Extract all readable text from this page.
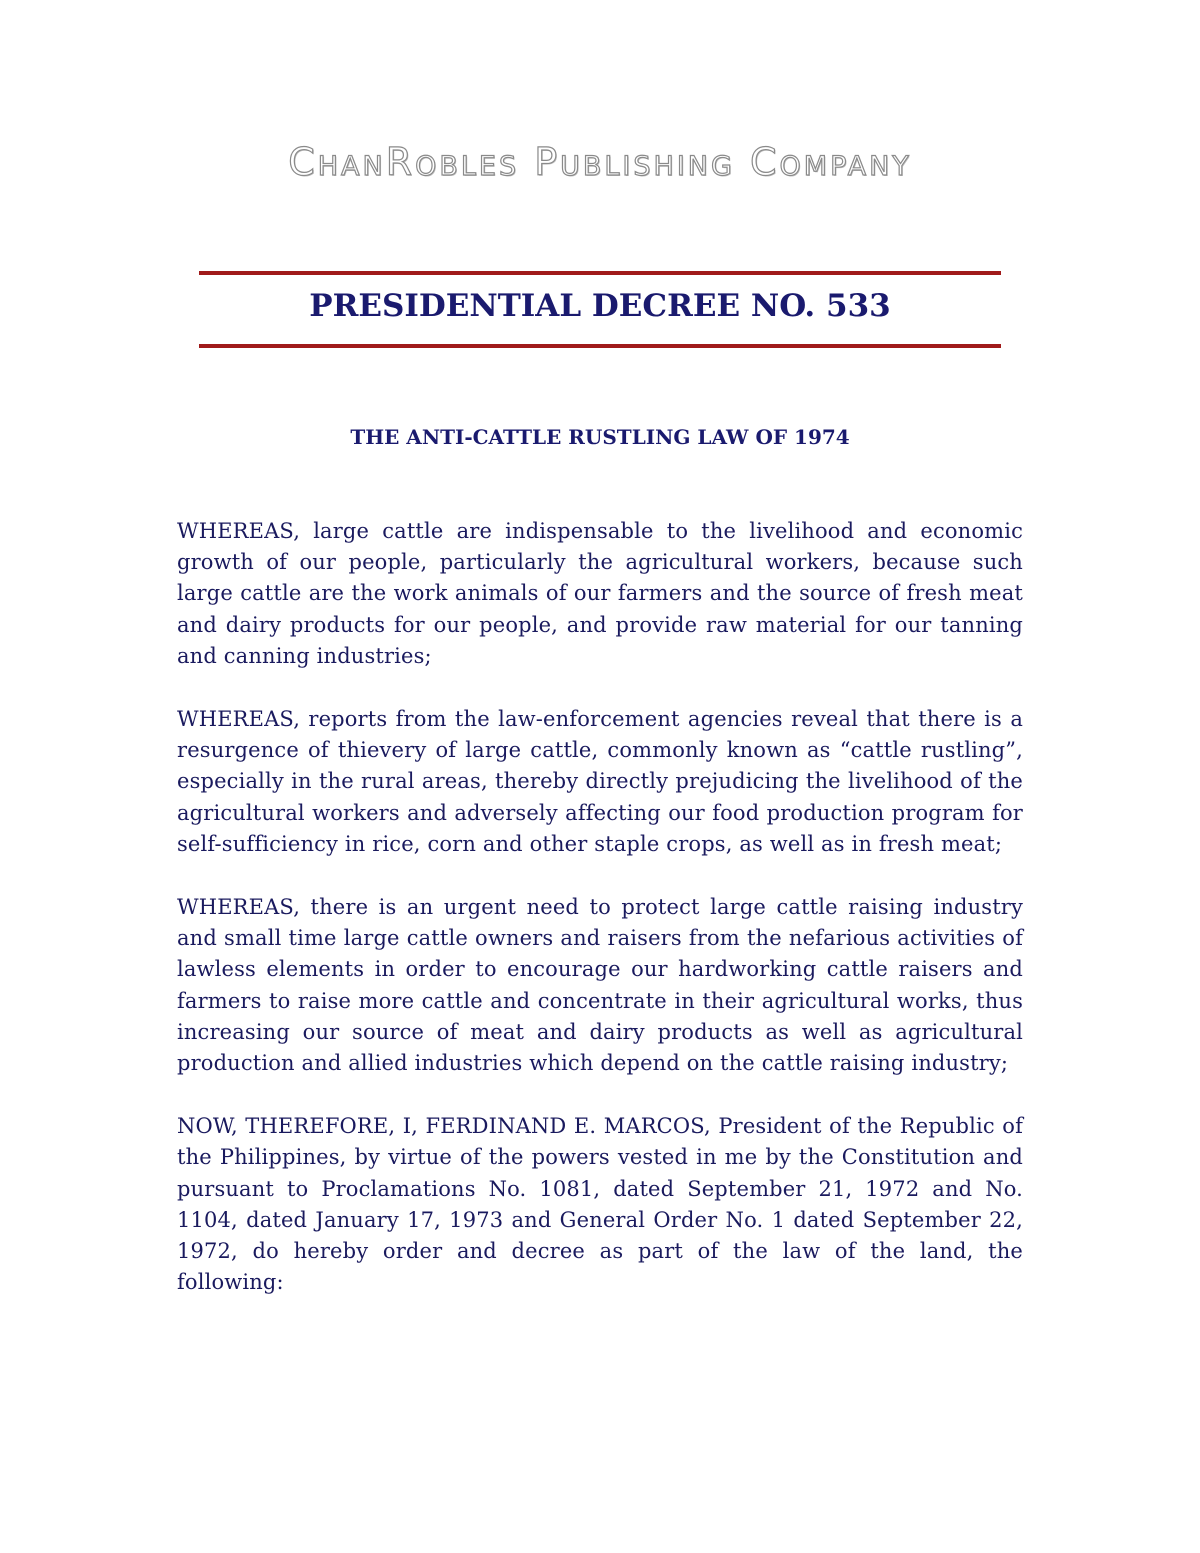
ChanRobles Publishing Company
PRESIDENTIAL DECREE NO. 533
THE ANTI-CATTLE RUSTLING LAW OF 1974

WHEREAS, large cattle are indispensable to the livelihood and economic growth of our people, particularly the agricultural workers, because such large cattle are the work animals of our farmers and the source of fresh meat and dairy products for our people, and provide raw material for our tanning and canning industries;

WHEREAS, reports from the law-enforcement agencies reveal that there is a resurgence of thievery of large cattle, commonly known as “cattle rustling”, especially in the rural areas, thereby directly prejudicing the livelihood of the agricultural workers and adversely affecting our food production program for self-sufficiency in rice, corn and other staple crops, as well as in fresh meat;

WHEREAS, there is an urgent need to protect large cattle raising industry and small time large cattle owners and raisers from the nefarious activities of lawless elements in order to encourage our hardworking cattle raisers and farmers to raise more cattle and concentrate in their agricultural works, thus increasing our source of meat and dairy products as well as agricultural production and allied industries which depend on the cattle raising industry;

NOW, THEREFORE, I, FERDINAND E. MARCOS, President of the Republic of the Philippines, by virtue of the powers vested in me by the Constitution and pursuant to Proclamations No. 1081, dated September 21, 1972 and No. 1104, dated January 17, 1973 and General Order No. 1 dated September 22, 1972, do hereby order and decree as part of the law of the land, the following:
